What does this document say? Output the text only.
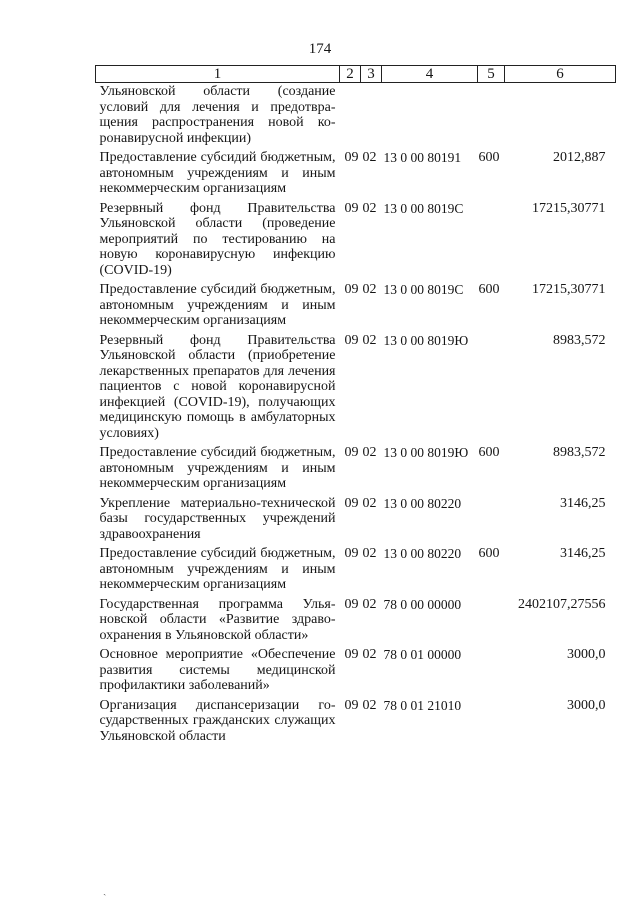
174
1	2	3	4	5	6
Ульяновской области (создание условий для лечения и предотвращения распространения новой коронавирусной инфекции)					
Предоставление субсидий бюджетным, автономным учреждениям и иным некоммерческим организациям	09	02	13 0 00 80191	600	2012,887
Резервный фонд Правительства Ульяновской области (проведение мероприятий по тестированию на новую коронавирусную инфекцию (COVID-19)	09	02	13 0 00 8019С		17215,30771
Предоставление субсидий бюджетным, автономным учреждениям и иным некоммерческим организациям	09	02	13 0 00 8019С	600	17215,30771
Резервный фонд Правительства Ульяновской области (приобретение лекарственных препаратов для лечения пациентов с новой коронавирусной инфекцией (COVID-19), получающих медицинскую помощь в амбулаторных условиях)	09	02	13 0 00 8019Ю		8983,572
Предоставление субсидий бюджетным, автономным учреждениям и иным некоммерческим организациям	09	02	13 0 00 8019Ю	600	8983,572
Укрепление материально-технической базы государственных учреждений здравоохранения	09	02	13 0 00 80220		3146,25
Предоставление субсидий бюджетным, автономным учреждениям и иным некоммерческим организациям	09	02	13 0 00 80220	600	3146,25
Государственная программа Ульяновской области «Развитие здравоохранения в Ульяновской области»	09	02	78 0 00 00000		2402107,27556
Основное мероприятие «Обеспечение развития системы медицинской профилактики заболеваний»	09	02	78 0 01 00000		3000,0
Организация диспансеризации государственных гражданских служащих Ульяновской области	09	02	78 0 01 21010		3000,0
ˎ
